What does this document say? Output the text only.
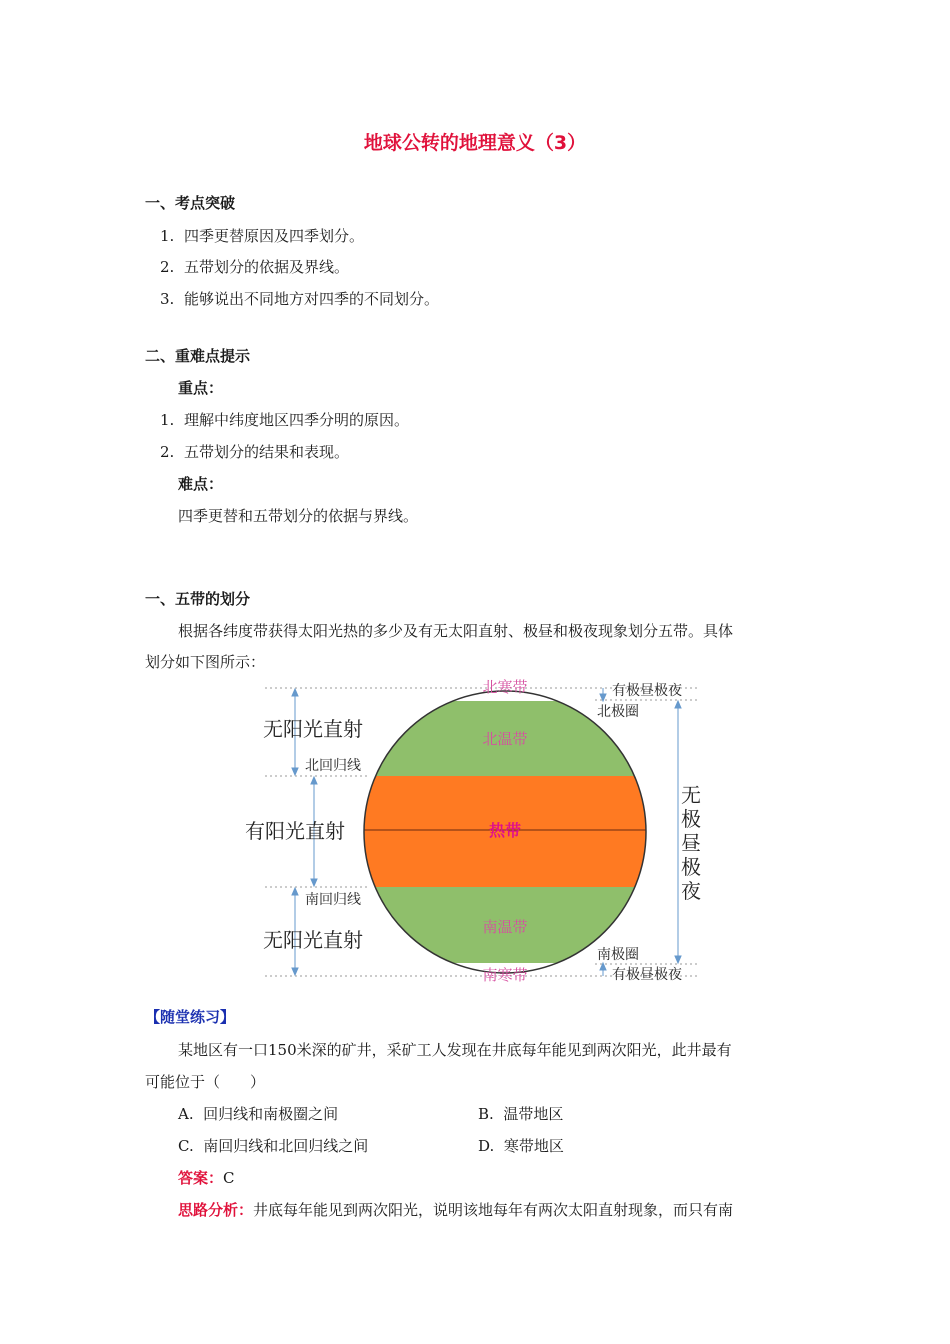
地球公转的地理意义（3）
一、考点突破
1. 四季更替原因及四季划分。
2. 五带划分的依据及界线。
3. 能够说出不同地方对四季的不同划分。
二、重难点提示
重点：
1. 理解中纬度地区四季分明的原因。
2. 五带划分的结果和表现。
难点：
四季更替和五带划分的依据与界线。
一、五带的划分
根据各纬度带获得太阳光热的多少及有无太阳直射、极昼和极夜现象划分五带。具体
划分如下图所示：
北寒带
北温带
热带
南温带
南寒带
无阳光直射
北回归线
有阳光直射
南回归线
无阳光直射
有极昼极夜
北极圈
无
极
昼
极
夜
南极圈
有极昼极夜
【随堂练习】
某地区有一口150米深的矿井，采矿工人发现在井底每年能见到两次阳光，此井最有
可能位于（　　）
A. 回归线和南极圈之间	B. 温带地区
C. 南回归线和北回归线之间	D. 寒带地区
答案：C
思路分析：井底每年能见到两次阳光，说明该地每年有两次太阳直射现象，而只有南
